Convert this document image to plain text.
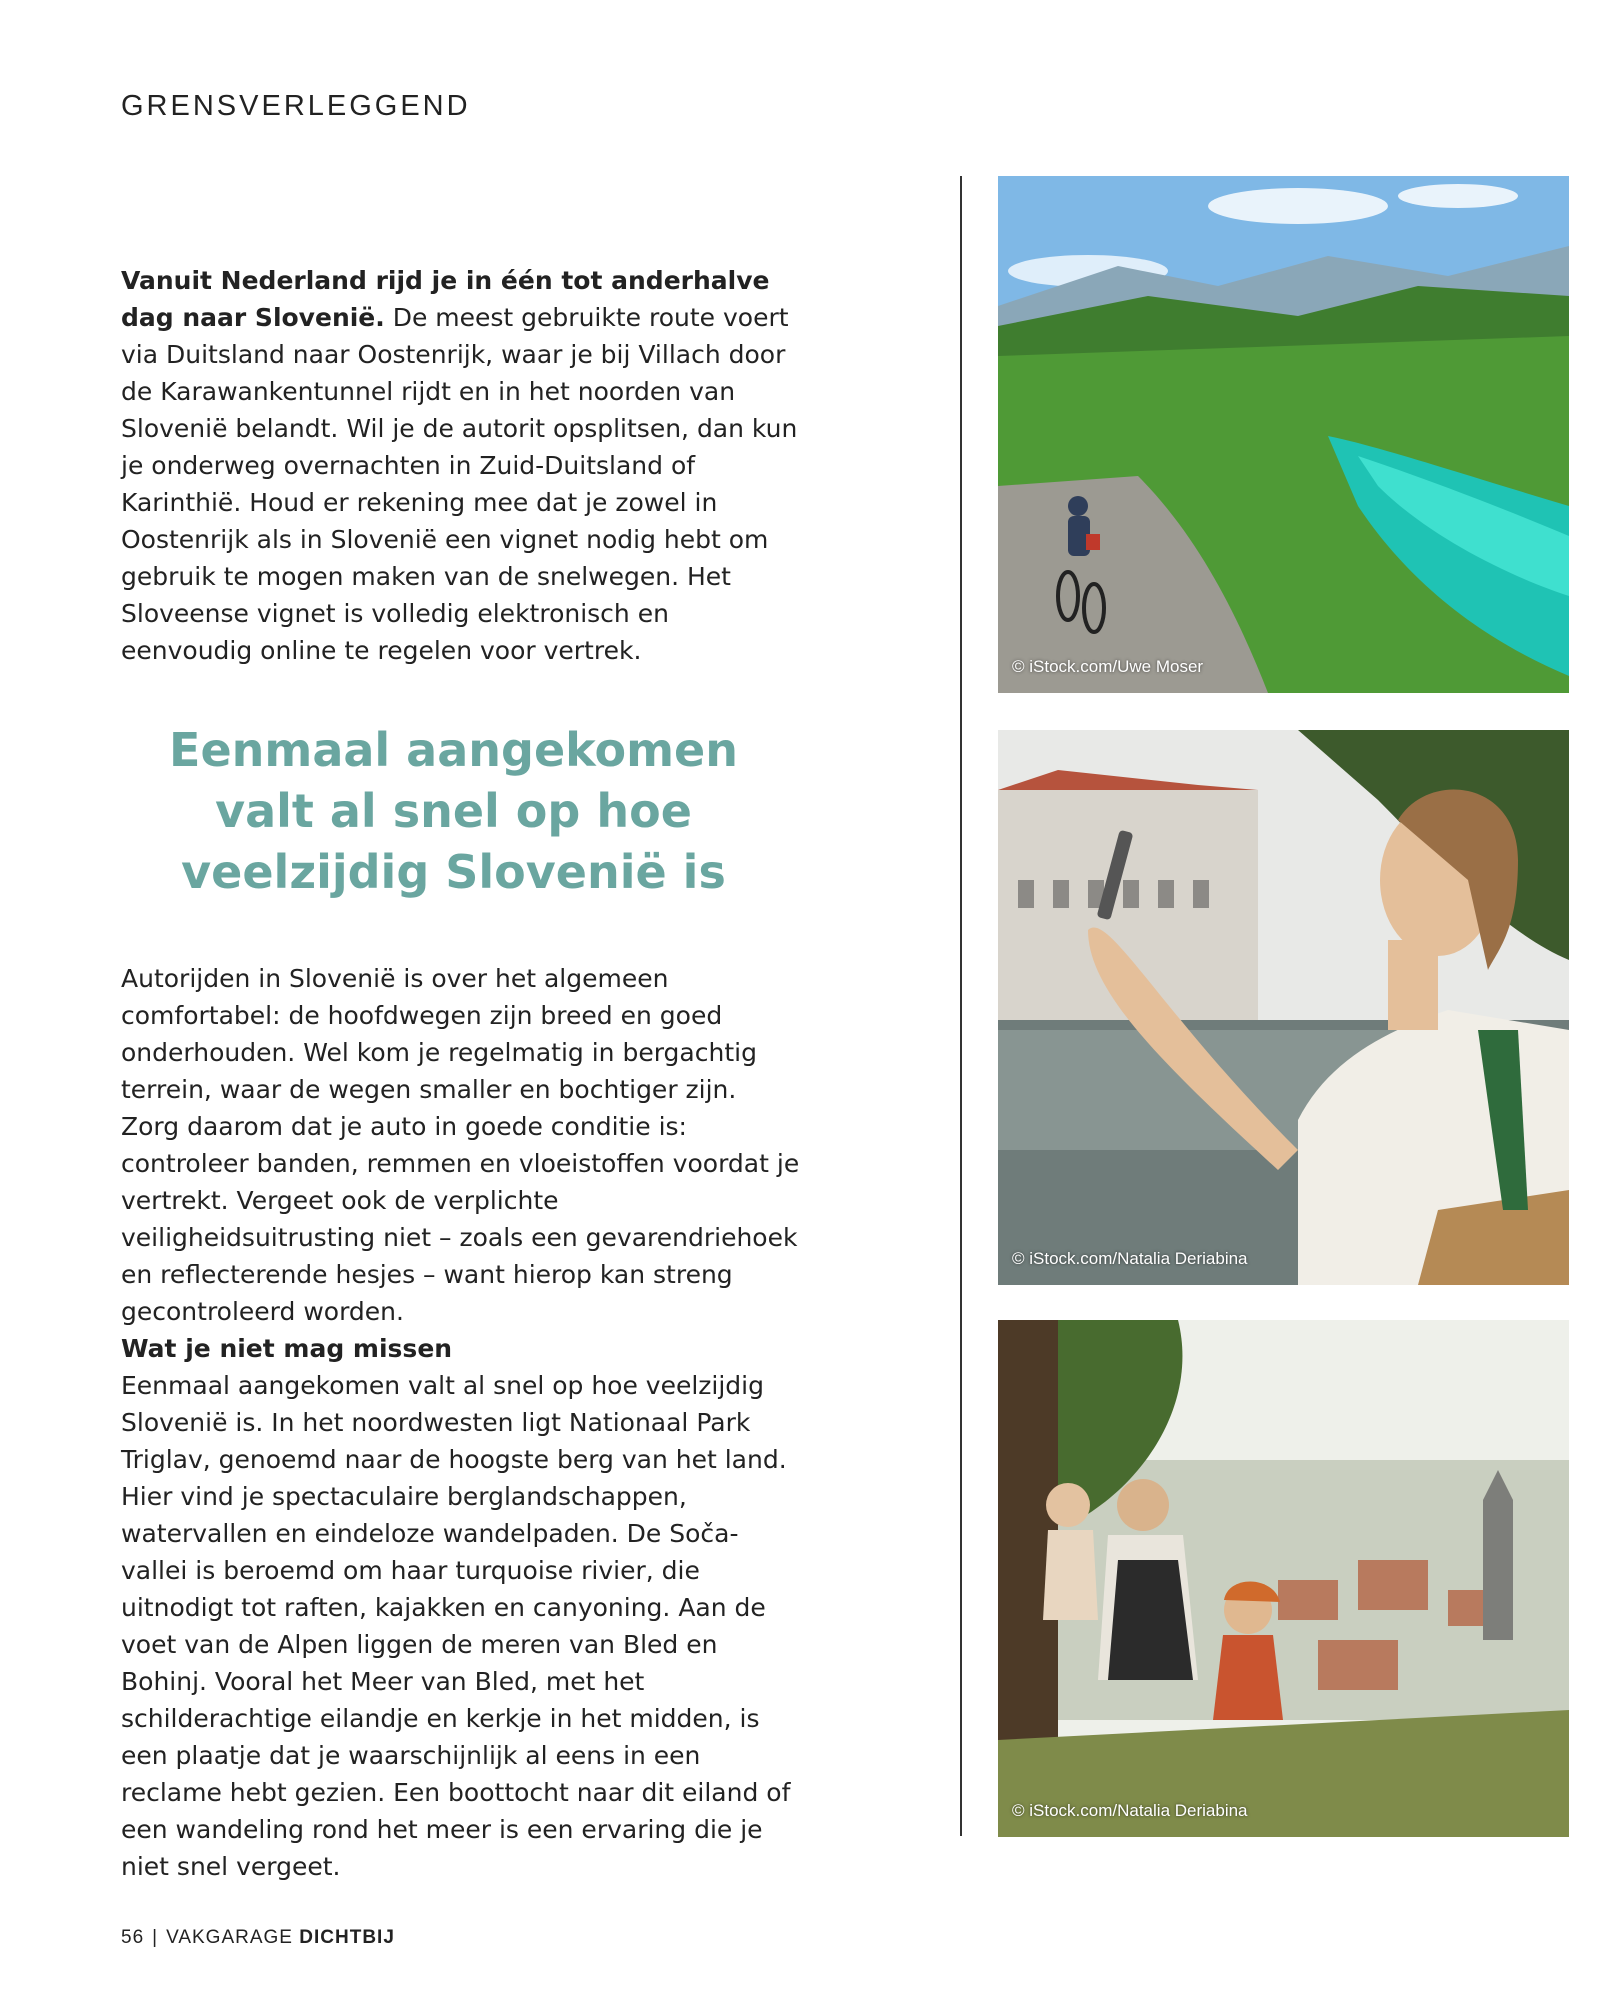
GRENSVERLEGGEND

Vanuit Nederland rijd je in één tot anderhalve dag naar Slovenië. De meest gebruikte route voert via Duitsland naar Oostenrijk, waar je bij Villach door de Karawankentunnel rijdt en in het noorden van Slovenië belandt. Wil je de autorit opsplitsen, dan kun je onderweg overnachten in Zuid-Duitsland of Karinthië. Houd er rekening mee dat je zowel in Oostenrijk als in Slovenië een vignet nodig hebt om gebruik te mogen maken van de snelwegen. Het Sloveense vignet is volledig elektronisch en eenvoudig online te regelen voor vertrek.

Eenmaal aangekomen
valt al snel op hoe
veelzijdig Slovenië is

Autorijden in Slovenië is over het algemeen comfortabel: de hoofdwegen zijn breed en goed onderhouden. Wel kom je regelmatig in bergachtig terrein, waar de wegen smaller en bochtiger zijn. Zorg daarom dat je auto in goede conditie is: controleer banden, remmen en vloeistoffen voordat je vertrekt. Vergeet ook de verplichte veiligheidsuitrusting niet – zoals een gevarendriehoek en reflecterende hesjes – want hierop kan streng gecontroleerd worden.

Wat je niet mag missen

Eenmaal aangekomen valt al snel op hoe veelzijdig Slovenië is. In het noordwesten ligt Nationaal Park Triglav, genoemd naar de hoogste berg van het land. Hier vind je spectaculaire berglandschappen, watervallen en eindeloze wandelpaden. De Soča-vallei is beroemd om haar turquoise rivier, die uitnodigt tot raften, kajakken en canyoning. Aan de voet van de Alpen liggen de meren van Bled en Bohinj. Vooral het Meer van Bled, met het schilderachtige eilandje en kerkje in het midden, is een plaatje dat je waarschijnlijk al eens in een reclame hebt gezien. Een boottocht naar dit eiland of een wandeling rond het meer is een ervaring die je niet snel vergeet.

© iStock.com/Uwe Moser
© iStock.com/Natalia Deriabina
© iStock.com/Natalia Deriabina
56 | VAKGARAGE DICHTBIJ
